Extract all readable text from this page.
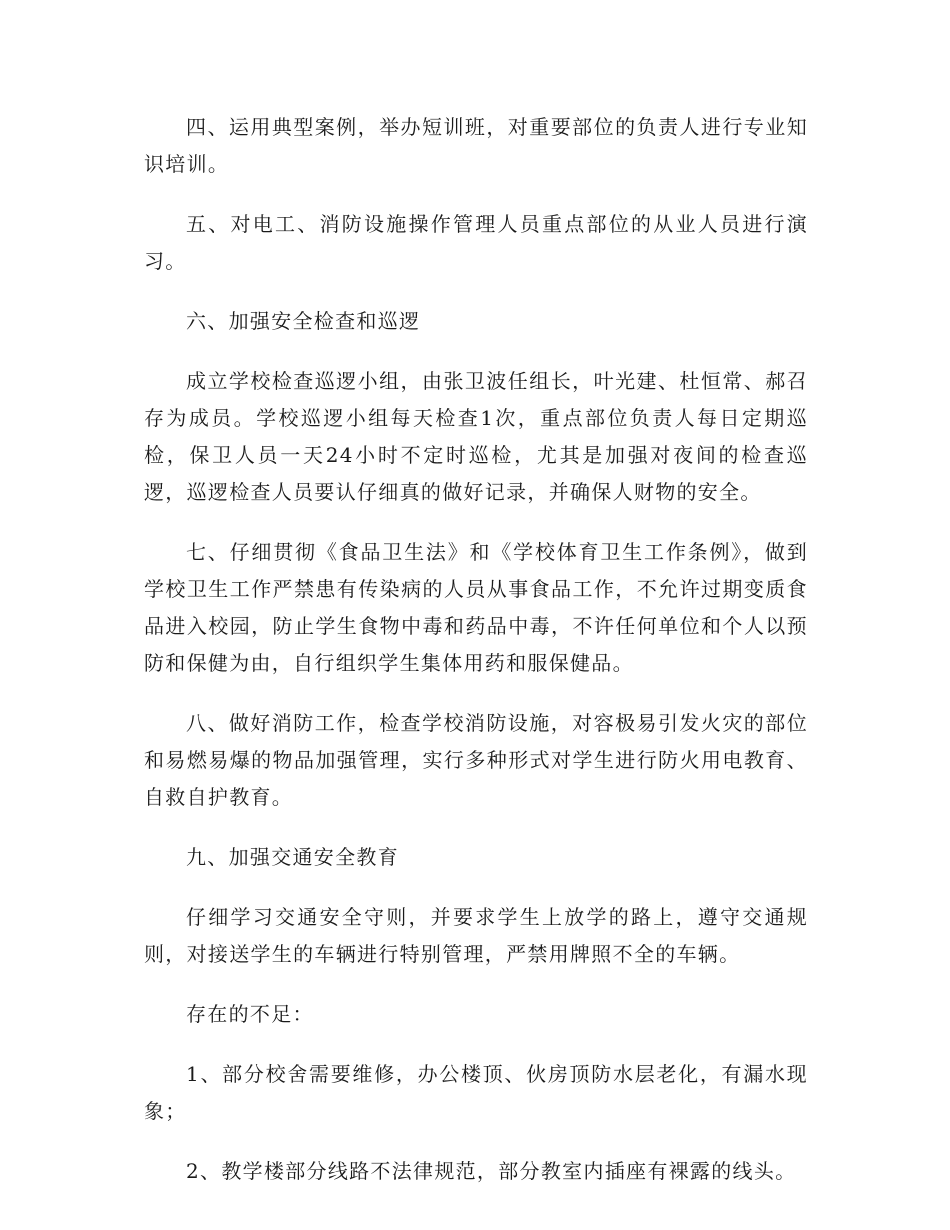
四、运用典型案例，举办短训班，对重要部位的负责人进行专业知识培训。

五、对电工、消防设施操作管理人员重点部位的从业人员进行演习。

六、加强安全检查和巡逻

成立学校检查巡逻小组，由张卫波任组长，叶光建、杜恒常、郝召存为成员。学校巡逻小组每天检查1次，重点部位负责人每日定期巡检，保卫人员一天24小时不定时巡检，尤其是加强对夜间的检查巡逻，巡逻检查人员要认仔细真的做好记录，并确保人财物的安全。

七、仔细贯彻《食品卫生法》和《学校体育卫生工作条例》，做到学校卫生工作严禁患有传染病的人员从事食品工作，不允许过期变质食品进入校园，防止学生食物中毒和药品中毒，不许任何单位和个人以预防和保健为由，自行组织学生集体用药和服保健品。

八、做好消防工作，检查学校消防设施，对容极易引发火灾的部位和易燃易爆的物品加强管理，实行多种形式对学生进行防火用电教育、自救自护教育。

九、加强交通安全教育

仔细学习交通安全守则，并要求学生上放学的路上，遵守交通规则，对接送学生的车辆进行特别管理，严禁用牌照不全的车辆。

存在的不足：

1、部分校舍需要维修，办公楼顶、伙房顶防水层老化，有漏水现象；

2、教学楼部分线路不法律规范，部分教室内插座有裸露的线头。
